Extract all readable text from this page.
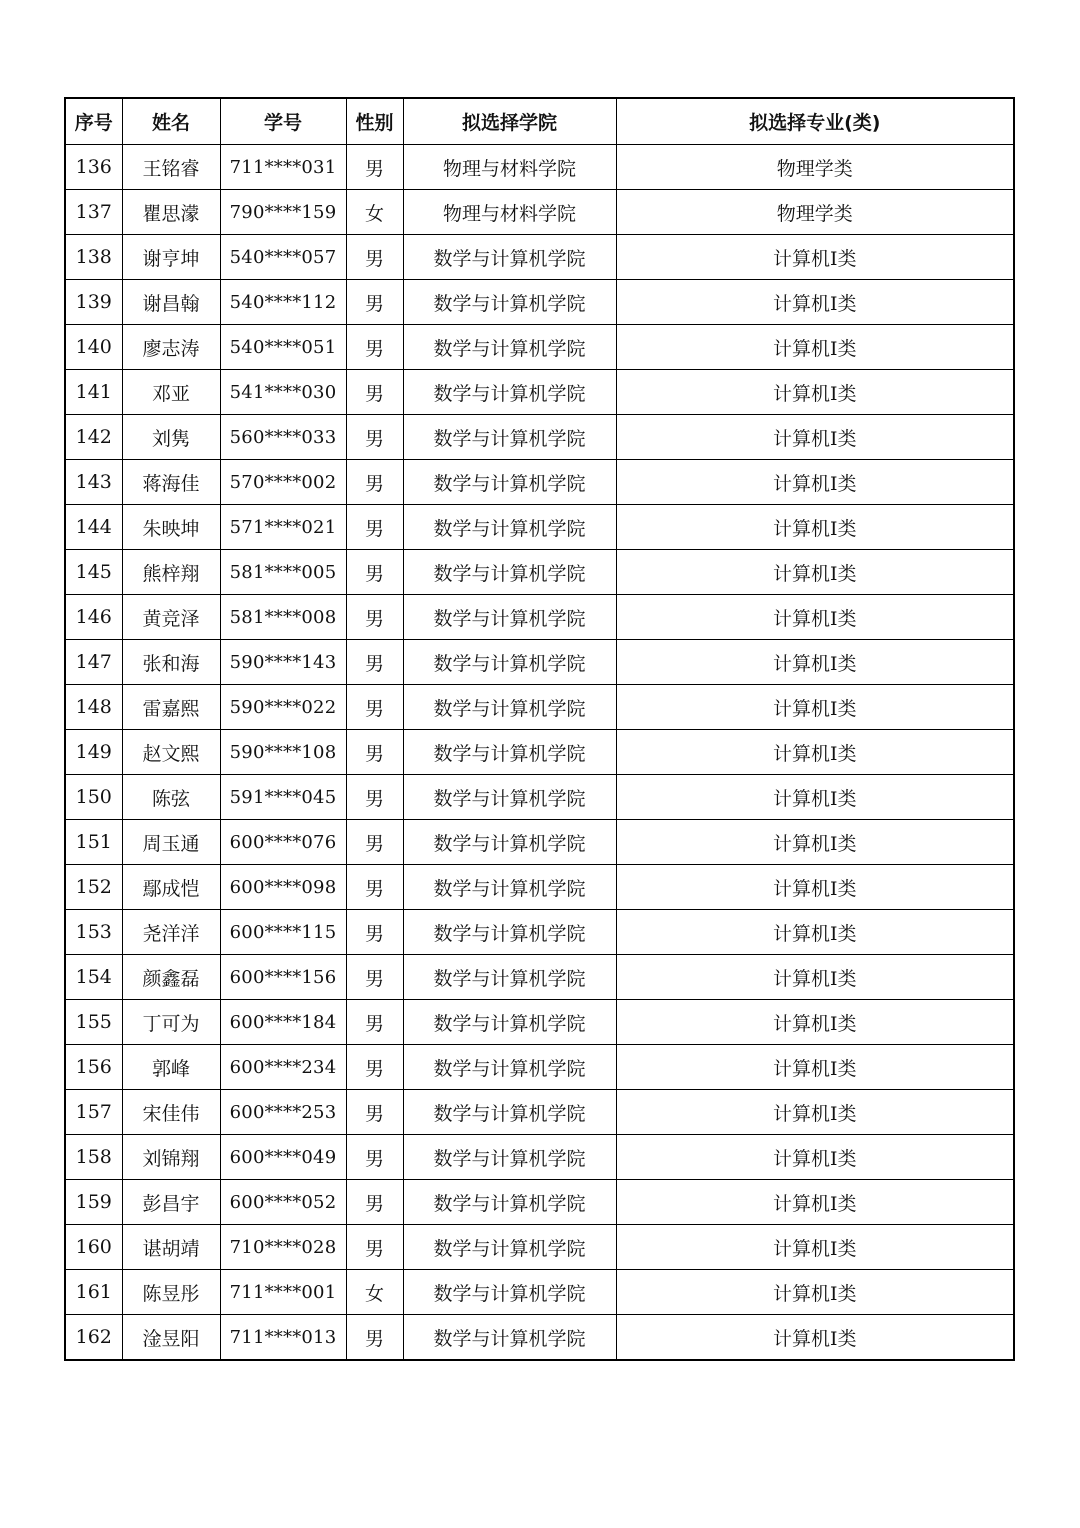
序号	姓名	学号	性别	拟选择学院	拟选择专业(类)
136	王铭睿	711****031	男	物理与材料学院	物理学类
137	瞿思濛	790****159	女	物理与材料学院	物理学类
138	谢亨坤	540****057	男	数学与计算机学院	计算机Ⅰ类
139	谢昌翰	540****112	男	数学与计算机学院	计算机Ⅰ类
140	廖志涛	540****051	男	数学与计算机学院	计算机Ⅰ类
141	邓亚	541****030	男	数学与计算机学院	计算机Ⅰ类
142	刘隽	560****033	男	数学与计算机学院	计算机Ⅰ类
143	蒋海佳	570****002	男	数学与计算机学院	计算机Ⅰ类
144	朱映坤	571****021	男	数学与计算机学院	计算机Ⅰ类
145	熊梓翔	581****005	男	数学与计算机学院	计算机Ⅰ类
146	黄竞泽	581****008	男	数学与计算机学院	计算机Ⅰ类
147	张和海	590****143	男	数学与计算机学院	计算机Ⅰ类
148	雷嘉熙	590****022	男	数学与计算机学院	计算机Ⅰ类
149	赵文熙	590****108	男	数学与计算机学院	计算机Ⅰ类
150	陈弦	591****045	男	数学与计算机学院	计算机Ⅰ类
151	周玉通	600****076	男	数学与计算机学院	计算机Ⅰ类
152	鄢成恺	600****098	男	数学与计算机学院	计算机Ⅰ类
153	尧洋洋	600****115	男	数学与计算机学院	计算机Ⅰ类
154	颜鑫磊	600****156	男	数学与计算机学院	计算机Ⅰ类
155	丁可为	600****184	男	数学与计算机学院	计算机Ⅰ类
156	郭峰	600****234	男	数学与计算机学院	计算机Ⅰ类
157	宋佳伟	600****253	男	数学与计算机学院	计算机Ⅰ类
158	刘锦翔	600****049	男	数学与计算机学院	计算机Ⅰ类
159	彭昌宇	600****052	男	数学与计算机学院	计算机Ⅰ类
160	谌胡靖	710****028	男	数学与计算机学院	计算机Ⅰ类
161	陈昱彤	711****001	女	数学与计算机学院	计算机Ⅰ类
162	淦昱阳	711****013	男	数学与计算机学院	计算机Ⅰ类
